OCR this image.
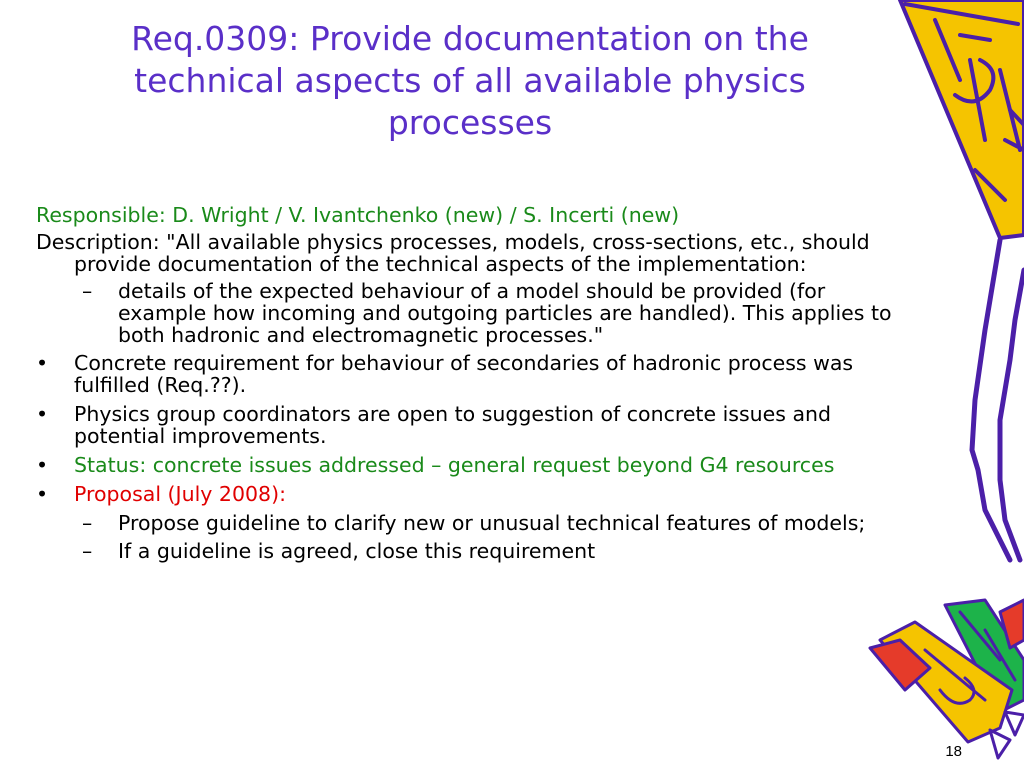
Req.0309: Provide documentation on the technical aspects of all available physics processes
Responsible: D. Wright / V. Ivantchenko (new) / S. Incerti (new)
Description: "All available physics processes, models, cross-sections, etc., should provide documentation of the technical aspects of the implementation:
–	details of the expected behaviour of a model should be provided (for example how incoming and outgoing particles are handled). This applies to both hadronic and electromagnetic processes."
•	Concrete requirement for behaviour of secondaries of hadronic process was fulfilled (Req.??).
•	Physics group coordinators are open to suggestion of concrete issues and potential improvements.
•	Status: concrete issues addressed – general request beyond G4 resources
•	Proposal (July 2008):
–	Propose guideline to clarify new or unusual technical features of models;
–	If a guideline is agreed, close this requirement
18
